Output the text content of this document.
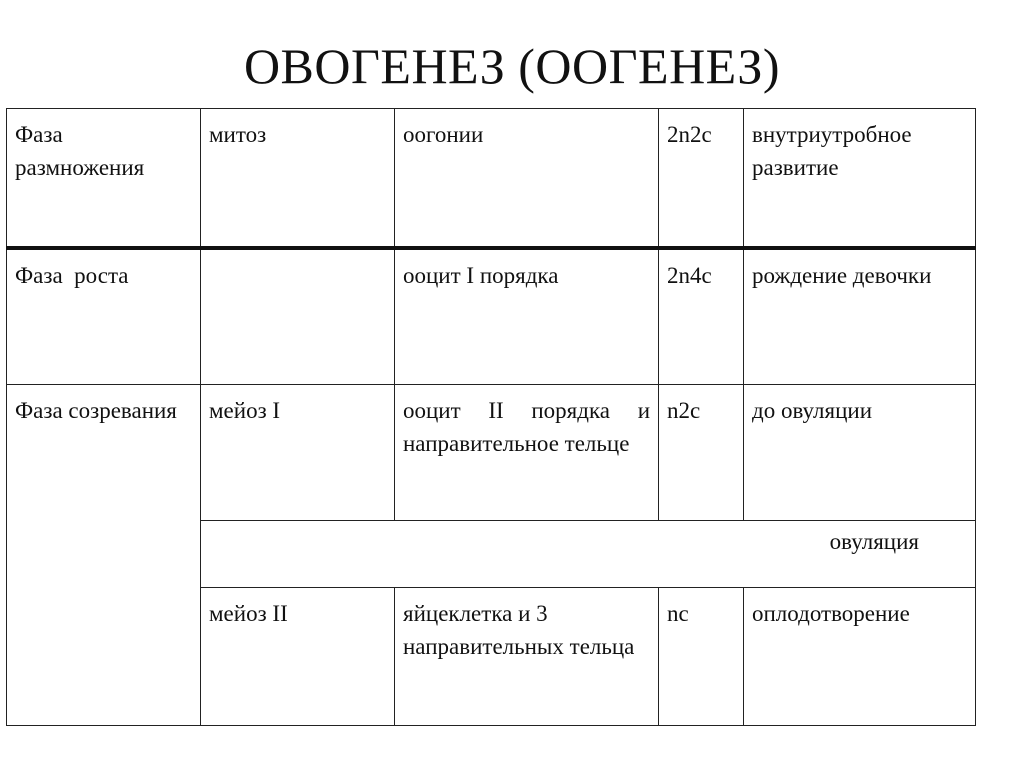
ОВОГЕНЕЗ (ООГЕНЕЗ)
Фаза размножения	митоз	оогонии	2n2c	внутриутробное развитие
Фаза  роста		ооцит I порядка	2n4c	рождение девочки
Фаза созревания	мейоз I	ооцит II порядка и направительное тельце	n2c	до овуляции
	овуляция			
	мейоз II	яйцеклетка и 3 направительных тельца	nc	оплодотворение
